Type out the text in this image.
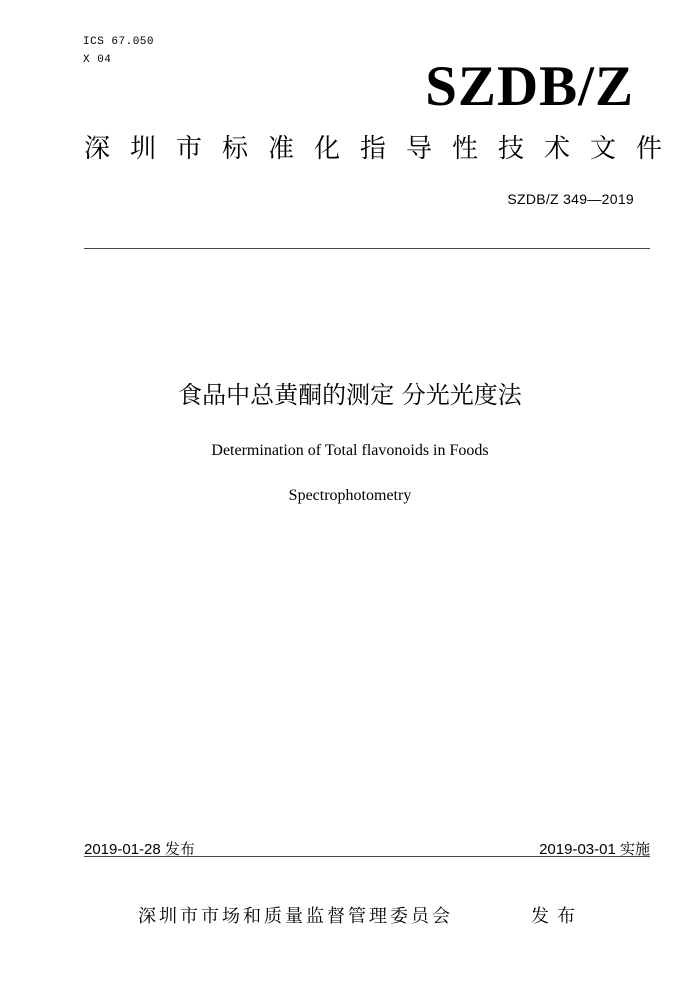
ICS 67.050
X 04	SZDB/Z
深圳市标准化指导性技术文件
SZDB/Z 349—2019
食品中总黄酮的测定 分光光度法
Determination of Total flavonoids in Foods
Spectrophotometry
2019-01-28 发布	2019-03-01 实施
深圳市市场和质量监督管理委员会	发布
